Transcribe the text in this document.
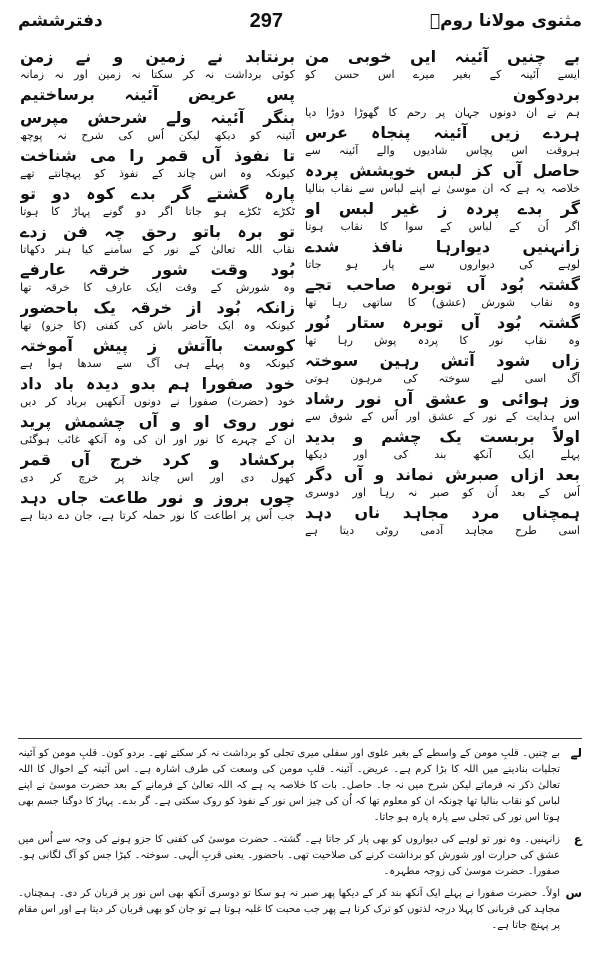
مثنوی مولانا رومؒ
297
دفترششم
بے چنیں آئینہ ایں خوبی من
ایسے آئینہ کے بغیر میرے اس حسن کو
بردوکون
ہم نے ان دونوں جہان پر رحم کا گھوڑا دوڑا دیا
ہردے زیں آئینہ پنجاہ عرس
ہروقت اس پچاس شادیوں والے آئینہ سے
حاصل آں کز لبس خویشش پردہ
خلاصہ یہ ہے کہ ان موسیٰ نے اپنے لباس سے نقاب بنالیا
گر بدے پردہ ز غیر لبس او
اگر اُن کے لباس کے سوا کا نقاب ہوتا
زانہنیں دیوارہا نافذ شدے
لوہے کی دیواروں سے پار ہو جاتا
گشتہ بُود آں توبرہ صاحب تجے
وہ نقاب شورش (عشق) کا ساتھی رہا تھا
گشتہ بُود آں توبرہ ستار نُور
وہ نقاب نور کا پردہ پوش رہا تھا
زاں شود آتش رہین سوختہ
آگ اسی لیے سوختہ کی مرہون ہوتی
وز ہوائی و عشق آں نور رشاد
اس ہدایت کے نور کے عشق اور اُس کے شوق سے
اولاً بربست یک چشم و بدید
پہلے ایک آنکھ بند کی اور دیکھا
بعد ازاں صبرش نماند و آں دگر
اُس کے بعد اُن کو صبر نہ رہا اور دوسری
ہمچناں مرد مجاہد ناں دہد
اسی طرح مجاہد آدمی روٹی دیتا ہے
برنتابد نے زمین و نے زمن
کوئی برداشت نہ کر سکتا نہ زمین اور نہ زمانہ
پس عریض آئینہ برساختیم
بنگر آئینہ ولے شرحش مپرس
آئینہ کو دیکھ لیکن اُس کی شرح نہ پوچھ
تا نفوذ آں قمر را می شناخت
کیونکہ وہ اس چاند کے نفوذ کو پہچانتے تھے
پارہ گشتے گر بدے کوہ دو تو
ٹکڑے ٹکڑے ہو جاتا اگر دو گونے پہاڑ کا ہوتا
تو برہ باتو رحق چہ فن زدے
نقاب اللہ تعالیٰ کے نور کے سامنے کیا ہنر دکھاتا
بُود وقت شور خرقہ عارفے
وہ شورش کے وقت ایک عارف کا خرقہ تھا
زانکہ بُود از خرقہ یک باحضور
کیونکہ وہ ایک حاضر باش کی کفنی (کا جزو) تھا
کوست باآتش ز پیش آموختہ
کیونکہ وہ پہلے ہی آگ سے سدھا ہوا ہے
خود صفورا ہم بدو دیدہ باد داد
خود (حضرت) صفورا نے دونوں آنکھیں برباد کر دیں
نور روی او و آں چشمش پرید
ان کے چہرے کا نور اور ان کی وہ آنکھ غائب ہوگئی
برکشاد و کرد خرج آں قمر
کھول دی اور اس چاند پر خرچ کر دی
چوں بروز و نور طاعت جاں دہد
جب اُس پر اطاعت کا نور حملہ کرتا ہے، جان دے دیتا ہے
لے
بے چنیں۔ قلبِ مومن کے واسطے کے بغیر علوی اور سفلی میری تجلی کو برداشت نہ کر سکتے تھے۔ بردو کون۔ قلبِ مومن کو آئینہ تجلیات بنادینے میں اللہ کا بڑا کرم ہے۔ عریض۔ آئینہ۔ قلبِ مومن کی وسعت کی طرف اشارہ ہے۔ اس آئینہ کے احوال کا اللہ تعالیٰ ذکر نہ فرماتے لیکن شرح میں نہ جا۔ حاصل۔ بات کا خلاصہ یہ ہے کہ اللہ تعالیٰ کے فرمانے کے بعد حضرت موسیٰ نے اپنے لباس کو نقاب بنالیا تھا چونکہ ان کو معلوم تھا کہ اُن کی چیز اس نور کے نفوذ کو روک سکتی ہے۔ گر بدے۔ پہاڑ کا دوگنا جسم بھی ہوتا اس نور کی تجلی سے پارہ پارہ ہو جاتا۔
ع
زانہنیں۔ وہ نور تو لوہے کی دیواروں کو بھی پار کر جاتا ہے۔ گشتہ۔ حضرت موسیٰ کی کفنی کا جزو ہونے کی وجہ سے اُس میں عشق کی حرارت اور شورش کو برداشت کرنے کی صلاحیت تھی۔ باحضور۔ یعنی قربِ الٰہی۔ سوختہ۔ کپڑا جس کو آگ لگانی ہو۔ صفورا۔ حضرت موسیٰ کی زوجہ مطہرہ۔
س
اولاً۔ حضرت صفورا نے پہلے ایک آنکھ بند کر کے دیکھا پھر صبر نہ ہو سکا تو دوسری آنکھ بھی اس نور پر قربان کر دی۔ ہمچناں۔ مجاہد کی قربانی کا پہلا درجہ لذتوں کو ترک کرنا ہے پھر جب محبت کا غلبہ ہوتا ہے تو جان کو بھی قربان کر دیتا ہے اور اس مقام پر پہنچ جاتا ہے۔
